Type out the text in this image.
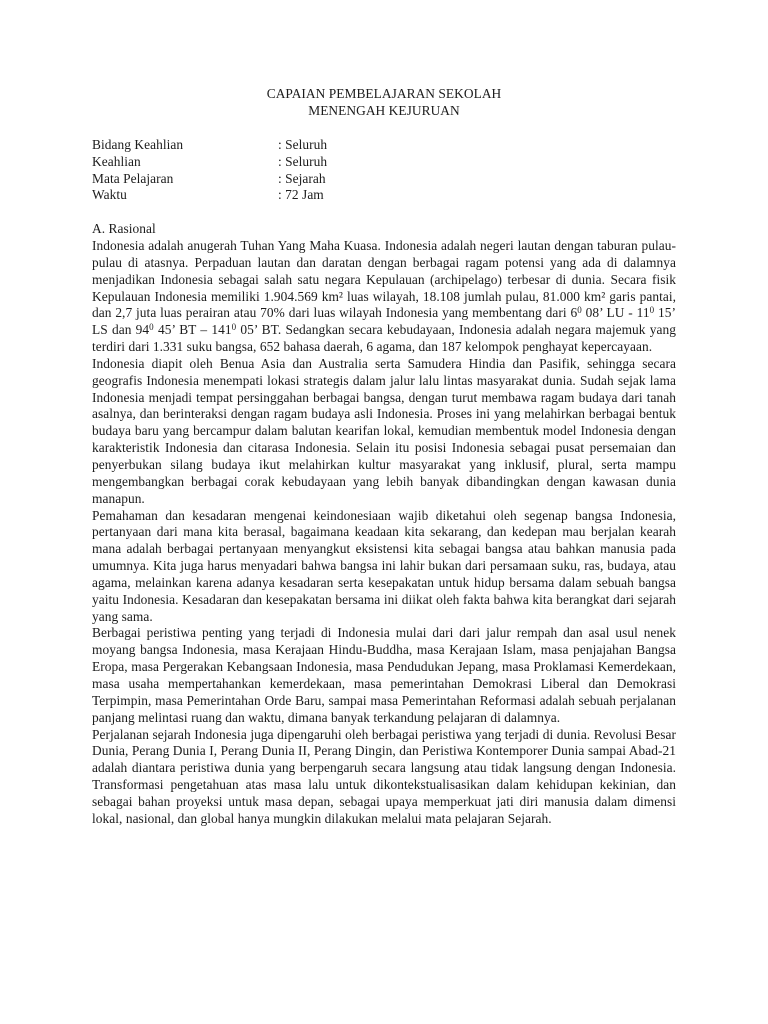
CAPAIAN PEMBELAJARAN SEKOLAH

MENENGAH KEJURUAN

Bidang Keahlian	: Seluruh
Keahlian	: Seluruh
Mata Pelajaran	: Sejarah
Waktu	: 72 Jam
A. Rasional

Indonesia adalah anugerah Tuhan Yang Maha Kuasa. Indonesia adalah negeri lautan dengan taburan pulau-pulau di atasnya. Perpaduan lautan dan daratan dengan berbagai ragam potensi yang ada di dalamnya menjadikan Indonesia sebagai salah satu negara Kepulauan (archipelago) terbesar di dunia. Secara fisik Kepulauan Indonesia memiliki 1.904.569 km² luas wilayah, 18.108 jumlah pulau, 81.000 km² garis pantai, dan 2,7 juta luas perairan atau 70% dari luas wilayah Indonesia yang membentang dari $6^0$ 08’ LU - $11^0$ 15’ LS dan $94^0$ 45’ BT – $141^0$ 05’ BT. Sedangkan secara kebudayaan, Indonesia adalah negara majemuk yang terdiri dari 1.331 suku bangsa, 652 bahasa daerah, 6 agama, dan 187 kelompok penghayat kepercayaan.

Indonesia diapit oleh Benua Asia dan Australia serta Samudera Hindia dan Pasifik, sehingga secara geografis Indonesia menempati lokasi strategis dalam jalur lalu lintas masyarakat dunia. Sudah sejak lama Indonesia menjadi tempat persinggahan berbagai bangsa, dengan turut membawa ragam budaya dari tanah asalnya, dan berinteraksi dengan ragam budaya asli Indonesia. Proses ini yang melahirkan berbagai bentuk budaya baru yang bercampur dalam balutan kearifan lokal, kemudian membentuk model Indonesia dengan karakteristik Indonesia dan citarasa Indonesia. Selain itu posisi Indonesia sebagai pusat persemaian dan penyerbukan silang budaya ikut melahirkan kultur masyarakat yang inklusif, plural, serta mampu mengembangkan berbagai corak kebudayaan yang lebih banyak dibandingkan dengan kawasan dunia manapun.

Pemahaman dan kesadaran mengenai keindonesiaan wajib diketahui oleh segenap bangsa Indonesia, pertanyaan dari mana kita berasal, bagaimana keadaan kita sekarang, dan kedepan mau berjalan kearah mana adalah berbagai pertanyaan menyangkut eksistensi kita sebagai bangsa atau bahkan manusia pada umumnya. Kita juga harus menyadari bahwa bangsa ini lahir bukan dari persamaan suku, ras, budaya, atau agama, melainkan karena adanya kesadaran serta kesepakatan untuk hidup bersama dalam sebuah bangsa yaitu Indonesia. Kesadaran dan kesepakatan bersama ini diikat oleh fakta bahwa kita berangkat dari sejarah yang sama.

Berbagai peristiwa penting yang terjadi di Indonesia mulai dari dari jalur rempah dan asal usul nenek moyang bangsa Indonesia, masa Kerajaan Hindu-Buddha, masa Kerajaan Islam, masa penjajahan Bangsa Eropa, masa Pergerakan Kebangsaan Indonesia, masa Pendudukan Jepang, masa Proklamasi Kemerdekaan, masa usaha mempertahankan kemerdekaan, masa pemerintahan Demokrasi Liberal dan Demokrasi Terpimpin, masa Pemerintahan Orde Baru, sampai masa Pemerintahan Reformasi adalah sebuah perjalanan panjang melintasi ruang dan waktu, dimana banyak terkandung pelajaran di dalamnya.

Perjalanan sejarah Indonesia juga dipengaruhi oleh berbagai peristiwa yang terjadi di dunia. Revolusi Besar Dunia, Perang Dunia I, Perang Dunia II, Perang Dingin, dan Peristiwa Kontemporer Dunia sampai Abad-21 adalah diantara peristiwa dunia yang berpengaruh secara langsung atau tidak langsung dengan Indonesia. Transformasi pengetahuan atas masa lalu untuk dikontekstualisasikan dalam kehidupan kekinian, dan sebagai bahan proyeksi untuk masa depan, sebagai upaya memperkuat jati diri manusia dalam dimensi lokal, nasional, dan global hanya mungkin dilakukan melalui mata pelajaran Sejarah.
